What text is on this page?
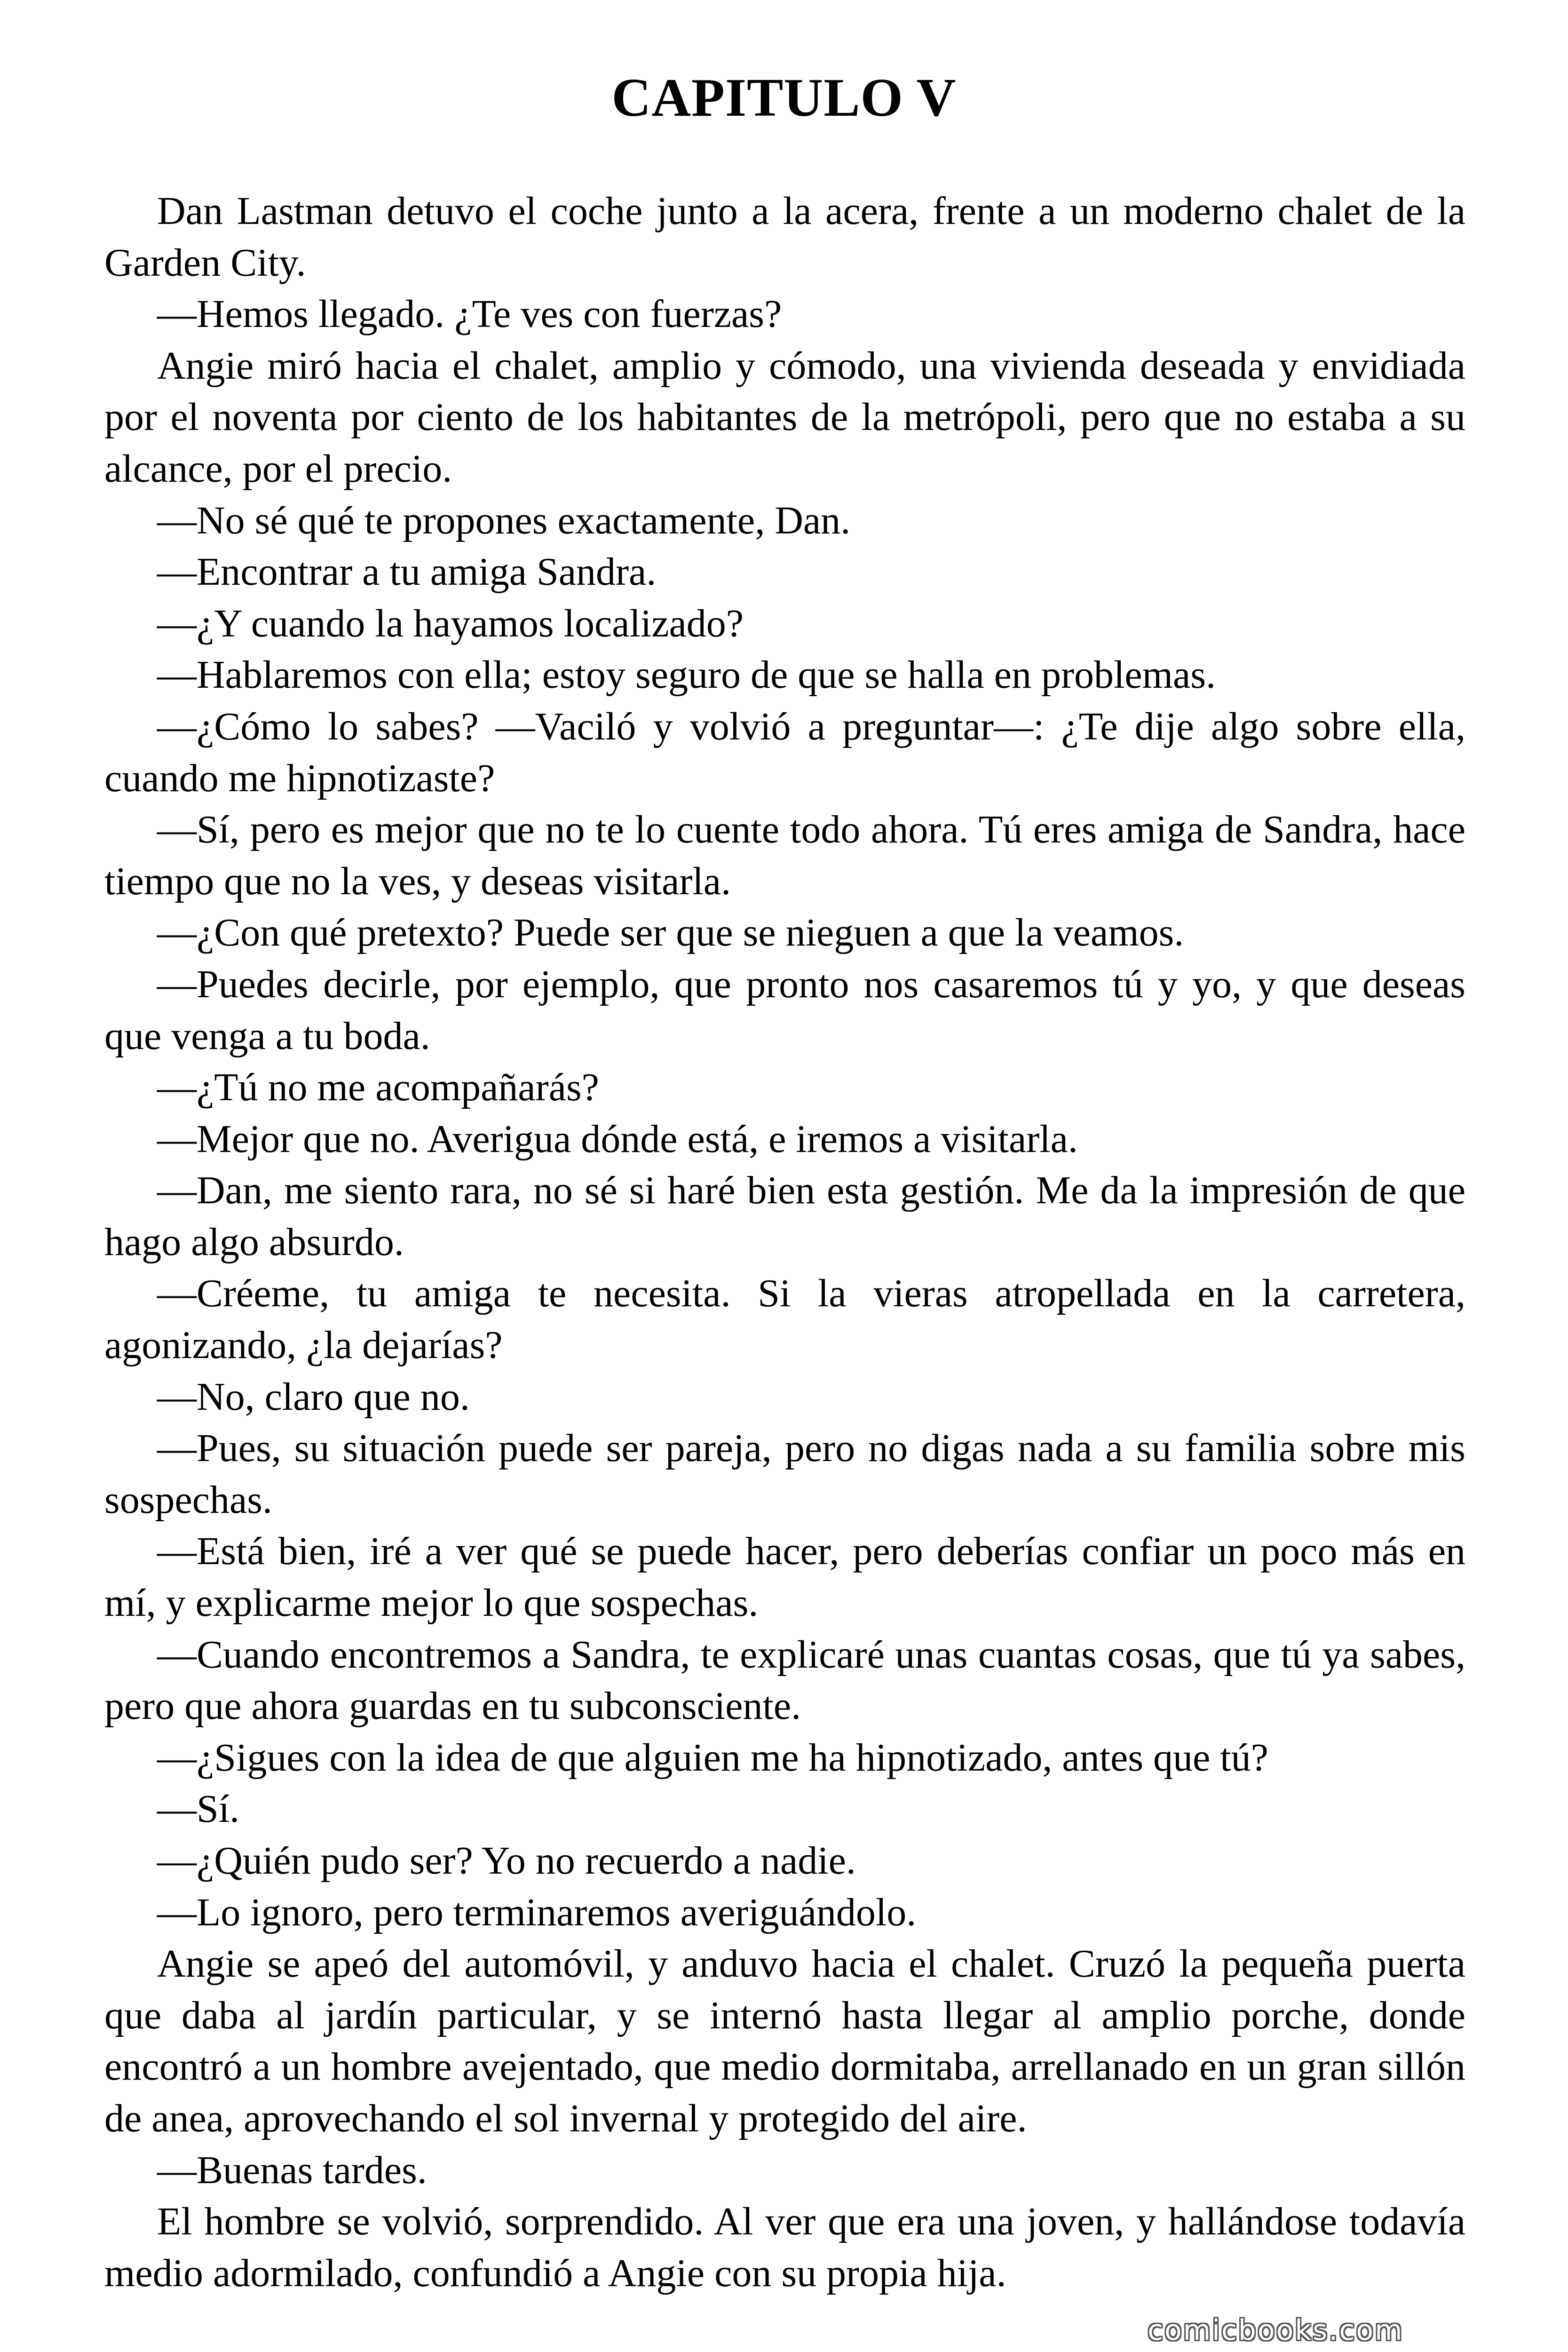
CAPITULO V

Dan Lastman detuvo el coche junto a la acera, frente a un moderno chalet de la Garden City.

—Hemos llegado. ¿Te ves con fuerzas?

Angie miró hacia el chalet, amplio y cómodo, una vivienda deseada y envidiada por el noventa por ciento de los habitantes de la metrópoli, pero que no estaba a su alcance, por el precio.

—No sé qué te propones exactamente, Dan.

—Encontrar a tu amiga Sandra.

—¿Y cuando la hayamos localizado?

—Hablaremos con ella; estoy seguro de que se halla en problemas.

—¿Cómo lo sabes? —Vaciló y volvió a preguntar—: ¿Te dije algo sobre ella, cuando me hipnotizaste?

—Sí, pero es mejor que no te lo cuente todo ahora. Tú eres amiga de Sandra, hace tiempo que no la ves, y deseas visitarla.

—¿Con qué pretexto? Puede ser que se nieguen a que la veamos.

—Puedes decirle, por ejemplo, que pronto nos casaremos tú y yo, y que deseas que venga a tu boda.

—¿Tú no me acompañarás?

—Mejor que no. Averigua dónde está, e iremos a visitarla.

—Dan, me siento rara, no sé si haré bien esta gestión. Me da la impresión de que hago algo absurdo.

—Créeme, tu amiga te necesita. Si la vieras atropellada en la carretera, agonizando, ¿la dejarías?

—No, claro que no.

—Pues, su situación puede ser pareja, pero no digas nada a su familia sobre mis sospechas.

—Está bien, iré a ver qué se puede hacer, pero deberías confiar un poco más en mí, y explicarme mejor lo que sospechas.

—Cuando encontremos a Sandra, te explicaré unas cuantas cosas, que tú ya sabes, pero que ahora guardas en tu subconsciente.

—¿Sigues con la idea de que alguien me ha hipnotizado, antes que tú?

—Sí.

—¿Quién pudo ser? Yo no recuerdo a nadie.

—Lo ignoro, pero terminaremos averiguándolo.

Angie se apeó del automóvil, y anduvo hacia el chalet. Cruzó la pequeña puerta que daba al jardín particular, y se internó hasta llegar al amplio porche, donde encontró a un hombre avejentado, que medio dormitaba, arrellanado en un gran sillón de anea, aprovechando el sol invernal y protegido del aire.

—Buenas tardes.

El hombre se volvió, sorprendido. Al ver que era una joven, y hallándose todavía medio adormilado, confundió a Angie con su propia hija.

comicbooks.com
